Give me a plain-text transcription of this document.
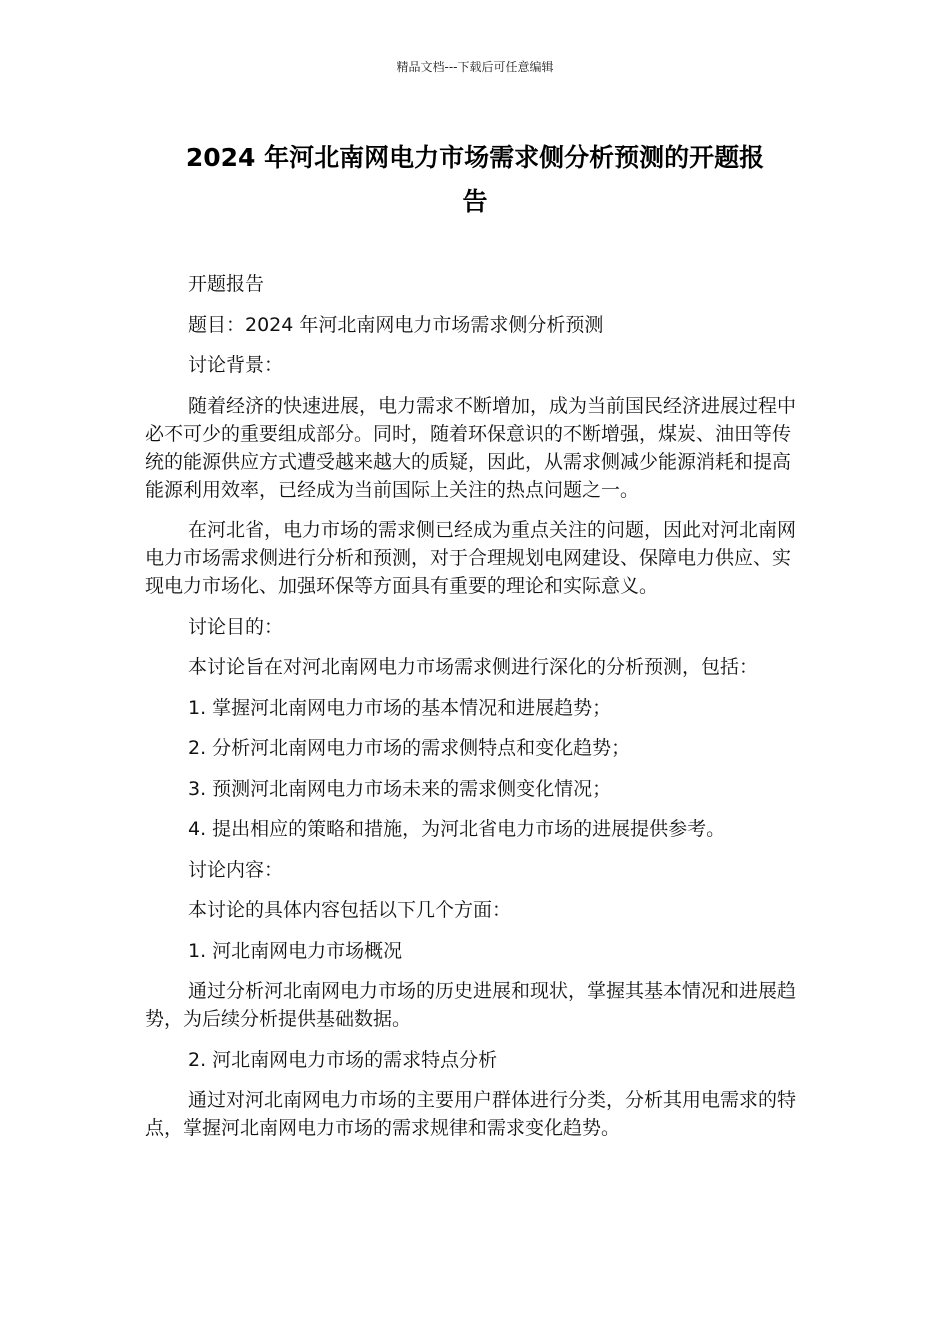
精品文档---下载后可任意编辑
2024 年河北南网电力市场需求侧分析预测的开题报
告

开题报告

题目：2024 年河北南网电力市场需求侧分析预测

讨论背景：

随着经济的快速进展，电力需求不断增加，成为当前国民经济进展过程中必不可少的重要组成部分。同时，随着环保意识的不断增强，煤炭、油田等传统的能源供应方式遭受越来越大的质疑，因此，从需求侧减少能源消耗和提高能源利用效率，已经成为当前国际上关注的热点问题之一。

在河北省，电力市场的需求侧已经成为重点关注的问题，因此对河北南网电力市场需求侧进行分析和预测，对于合理规划电网建设、保障电力供应、实现电力市场化、加强环保等方面具有重要的理论和实际意义。

讨论目的：

本讨论旨在对河北南网电力市场需求侧进行深化的分析预测，包括：

1. 掌握河北南网电力市场的基本情况和进展趋势；

2. 分析河北南网电力市场的需求侧特点和变化趋势；

3. 预测河北南网电力市场未来的需求侧变化情况；

4. 提出相应的策略和措施，为河北省电力市场的进展提供参考。

讨论内容：

本讨论的具体内容包括以下几个方面：

1. 河北南网电力市场概况

通过分析河北南网电力市场的历史进展和现状，掌握其基本情况和进展趋势，为后续分析提供基础数据。

2. 河北南网电力市场的需求特点分析

通过对河北南网电力市场的主要用户群体进行分类，分析其用电需求的特点，掌握河北南网电力市场的需求规律和需求变化趋势。
